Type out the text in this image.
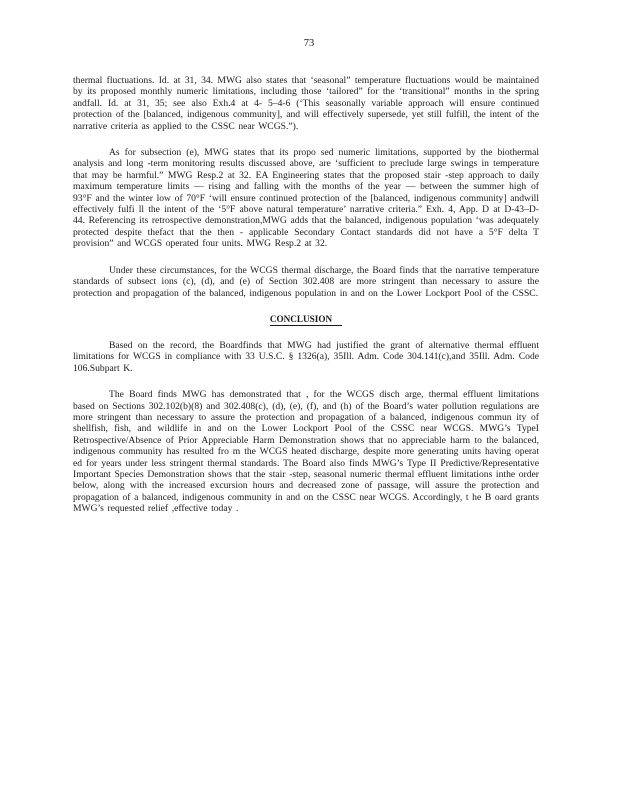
73

thermal fluctuations. Id. at 31, 34. MWG also states that ‘seasonal” temperature fluctuations would be maintained by its proposed monthly numeric limitations, including those ‘tailored” for the ‘transitional” months in the spring andfall. Id. at 31, 35; see also Exh.4 at 4- 5–4-6 (‘This seasonally variable approach will ensure continued protection of the [balanced, indigenous community], and will effectively supersede, yet still fulfill, the intent of the narrative criteria as applied to the CSSC near WCGS.”).

As for subsection (e), MWG states that its propo sed numeric limitations, supported by the biothermal analysis and long -term monitoring results discussed above, are ‘sufficient to preclude large swings in temperature that may be harmful.” MWG Resp.2 at 32. EA Engineering states that the proposed stair -step approach to daily maximum temperature limits — rising and falling with the months of the year — between the summer high of 93°F and the winter low of 70°F ‘will ensure continued protection of the [balanced, indigenous community] andwill effectively fulfi ll the intent of the ‘5°F above natural temperature’ narrative criteria.” Exh. 4, App. D at D-43–D-44. Referencing its retrospective demonstration,MWG adds that the balanced, indigenous population ‘was adequately protected despite thefact that the then - applicable Secondary Contact standards did not have a 5°F delta T provision” and WCGS operated four units. MWG Resp.2 at 32.

Under these circumstances, for the WCGS thermal discharge, the Board finds that the narrative temperature standards of subsect ions (c), (d), and (e) of Section 302.408 are more stringent than necessary to assure the protection and propagation of the balanced, indigenous population in and on the Lower Lockport Pool of the CSSC.

CONCLUSION

Based on the record, the Boardfinds that MWG had justified the grant of alternative thermal effluent limitations for WCGS in compliance with 33 U.S.C. § 1326(a), 35Ill. Adm. Code 304.141(c),and 35Ill. Adm. Code 106.Subpart K.

The Board finds MWG has demonstrated that , for the WCGS disch arge, thermal effluent limitations based on Sections 302.102(b)(8) and 302.408(c), (d), (e), (f), and (h) of the Board’s water pollution regulations are more stringent than necessary to assure the protection and propagation of a balanced, indigenous commun ity of shellfish, fish, and wildlife in and on the Lower Lockport Pool of the CSSC near WCGS. MWG’s TypeI Retrospective/Absence of Prior Appreciable Harm Demonstration shows that no appreciable harm to the balanced, indigenous community has resulted fro m the WCGS heated discharge, despite more generating units having operat ed for years under less stringent thermal standards. The Board also finds MWG’s Type II Predictive/Representative Important Species Demonstration shows that the stair -step, seasonal numeric thermal effluent limitations inthe order below, along with the increased excursion hours and decreased zone of passage, will assure the protection and propagation of a balanced, indigenous community in and on the CSSC near WCGS. Accordingly, t he B oard grants MWG’s requested relief ,effective today .
